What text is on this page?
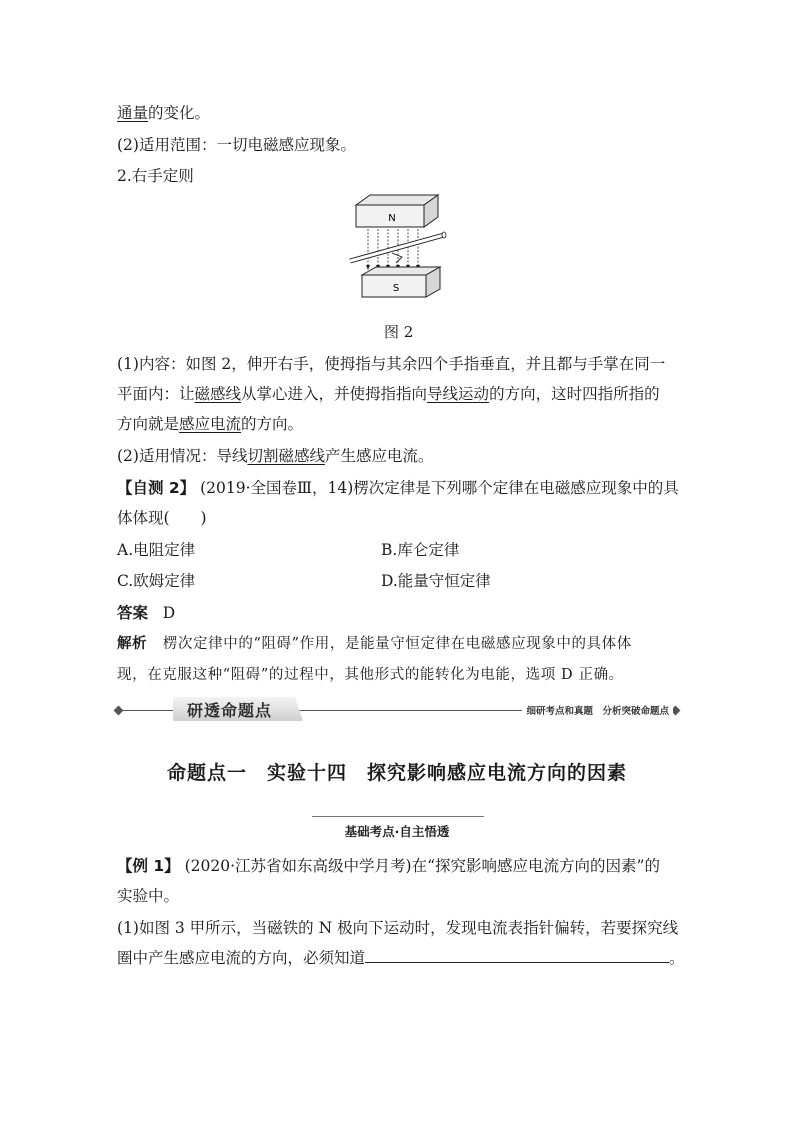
通量的变化。
(2)适用范围：一切电磁感应现象。
2.右手定则
N
S
图 2
(1)内容：如图 2，伸开右手，使拇指与其余四个手指垂直，并且都与手掌在同一
平面内：让磁感线从掌心进入，并使拇指指向导线运动的方向，这时四指所指的
方向就是感应电流的方向。
(2)适用情况：导线切割磁感线产生感应电流。
【自测 2】 (2019·全国卷Ⅲ，14)楞次定律是下列哪个定律在电磁感应现象中的具
体体现(　　)
A.电阻定律	B.库仑定律
C.欧姆定律	D.能量守恒定律
答案 D
解析 楞次定律中的“阻碍”作用，是能量守恒定律在电磁感应现象中的具体体
现，在克服这种“阻碍”的过程中，其他形式的能转化为电能，选项 D 正确。
研透命题点	细研考点和真题　分析突破命题点
命题点一　实验十四　探究影响感应电流方向的因素
基础考点·自主悟透
【例 1】 (2020·江苏省如东高级中学月考)在“探究影响感应电流方向的因素”的
实验中。
(1)如图 3 甲所示，当磁铁的 N 极向下运动时，发现电流表指针偏转，若要探究线
圈中产生感应电流的方向，必须知道	。
